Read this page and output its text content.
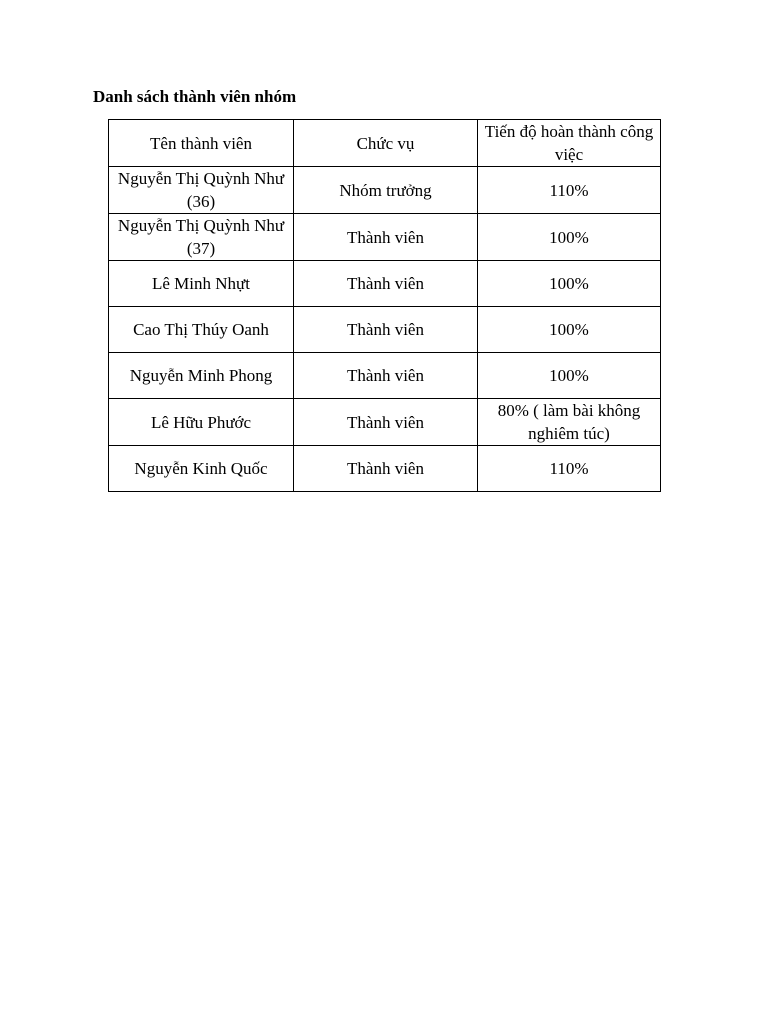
Danh sách thành viên nhóm
Tên thành viên	Chức vụ	Tiến độ hoàn thành công việc
Nguyễn Thị Quỳnh Như (36)	Nhóm trưởng	110%
Nguyễn Thị Quỳnh Như (37)	Thành viên	100%
Lê Minh Nhựt	Thành viên	100%
Cao Thị Thúy Oanh	Thành viên	100%
Nguyễn Minh Phong	Thành viên	100%
Lê Hữu Phước	Thành viên	80% ( làm bài không nghiêm túc)
Nguyễn Kinh Quốc	Thành viên	110%
